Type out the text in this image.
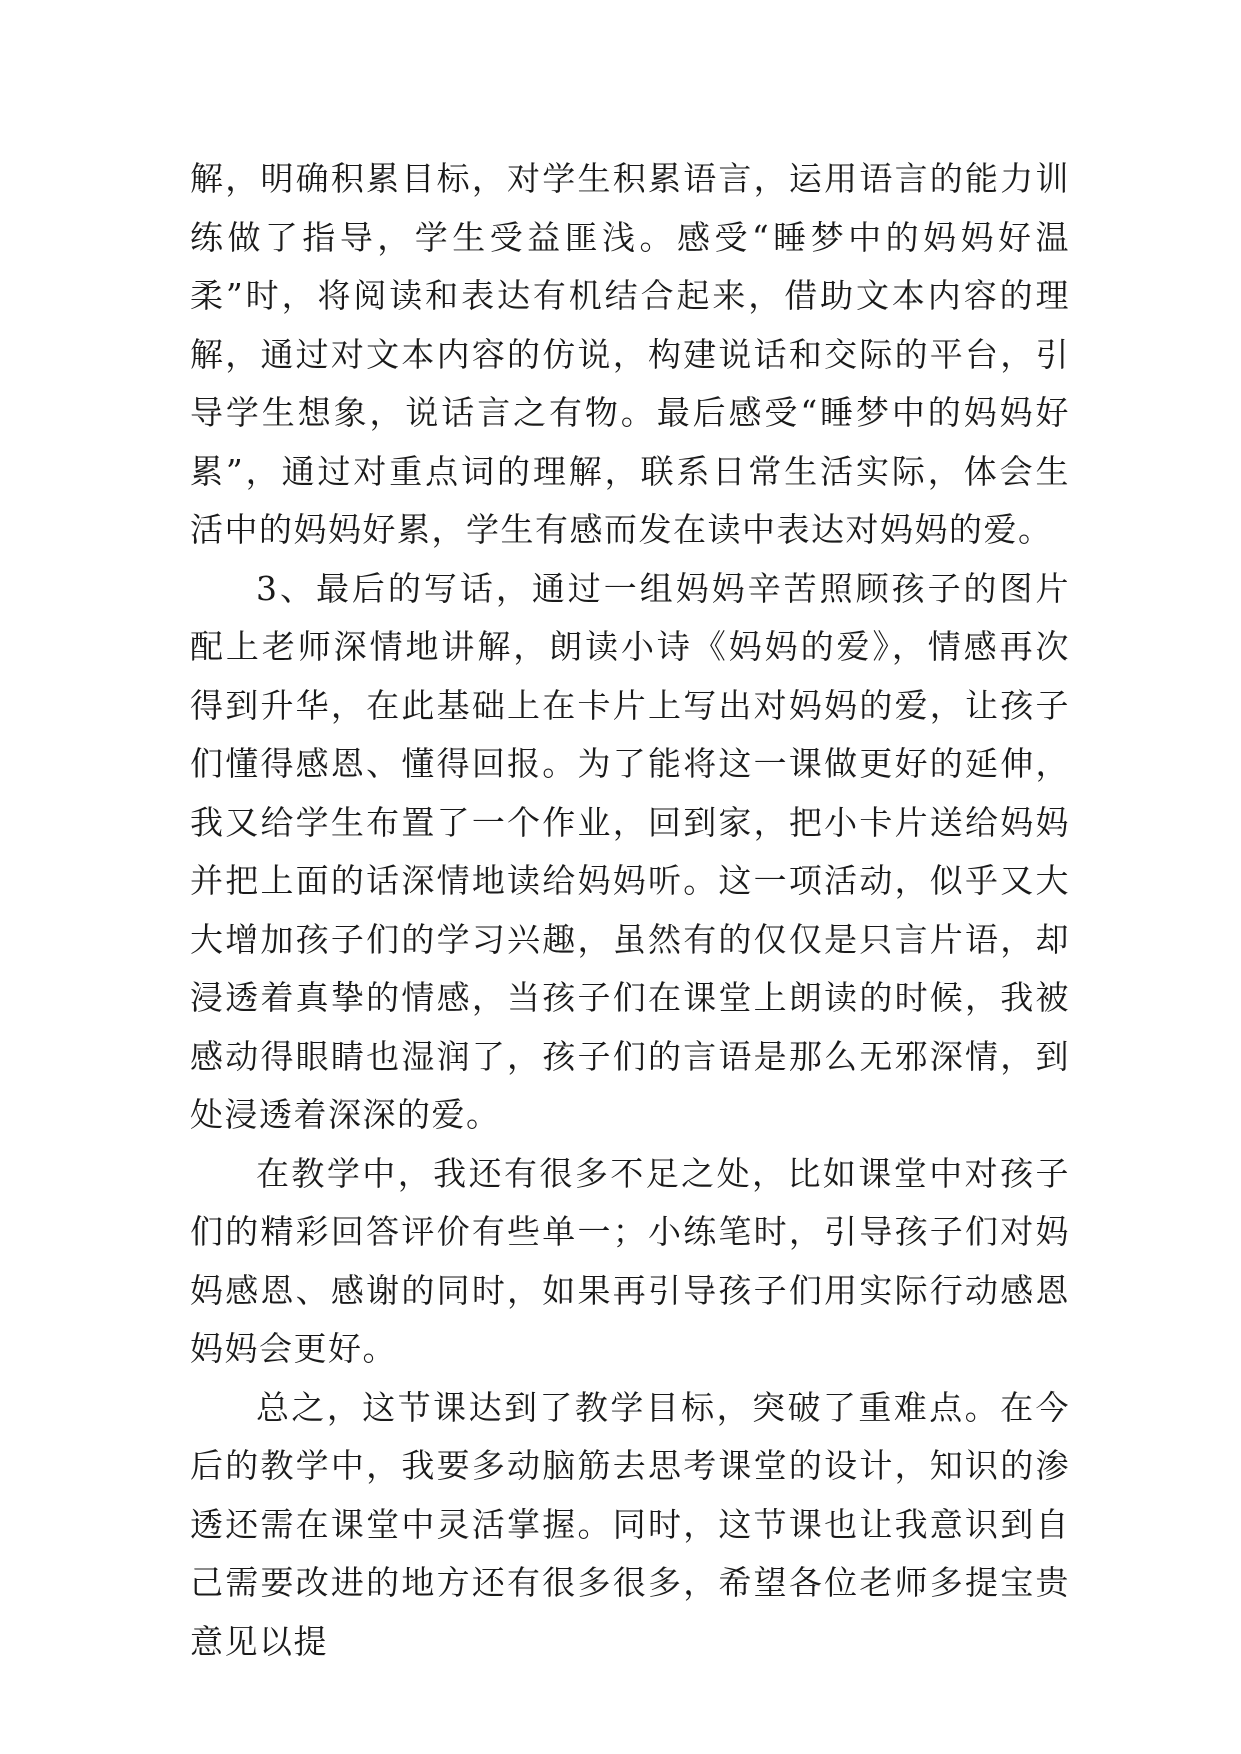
解，明确积累目标，对学生积累语言，运用语言的能力训练做了指导，学生受益匪浅。感受“睡梦中的妈妈好温柔”时，将阅读和表达有机结合起来，借助文本内容的理解，通过对文本内容的仿说，构建说话和交际的平台，引导学生想象，说话言之有物。最后感受“睡梦中的妈妈好累”，通过对重点词的理解，联系日常生活实际，体会生活中的妈妈好累，学生有感而发在读中表达对妈妈的爱。

3、最后的写话，通过一组妈妈辛苦照顾孩子的图片配上老师深情地讲解，朗读小诗《妈妈的爱》，情感再次得到升华，在此基础上在卡片上写出对妈妈的爱，让孩子们懂得感恩、懂得回报。为了能将这一课做更好的延伸，我又给学生布置了一个作业，回到家，把小卡片送给妈妈并把上面的话深情地读给妈妈听。这一项活动，似乎又大大增加孩子们的学习兴趣，虽然有的仅仅是只言片语，却浸透着真挚的情感，当孩子们在课堂上朗读的时候，我被感动得眼睛也湿润了，孩子们的言语是那么无邪深情，到处浸透着深深的爱。

在教学中，我还有很多不足之处，比如课堂中对孩子们的精彩回答评价有些单一；小练笔时，引导孩子们对妈妈感恩、感谢的同时，如果再引导孩子们用实际行动感恩妈妈会更好。

总之，这节课达到了教学目标，突破了重难点。在今后的教学中，我要多动脑筋去思考课堂的设计，知识的渗透还需在课堂中灵活掌握。同时，这节课也让我意识到自己需要改进的地方还有很多很多，希望各位老师多提宝贵意见以提
